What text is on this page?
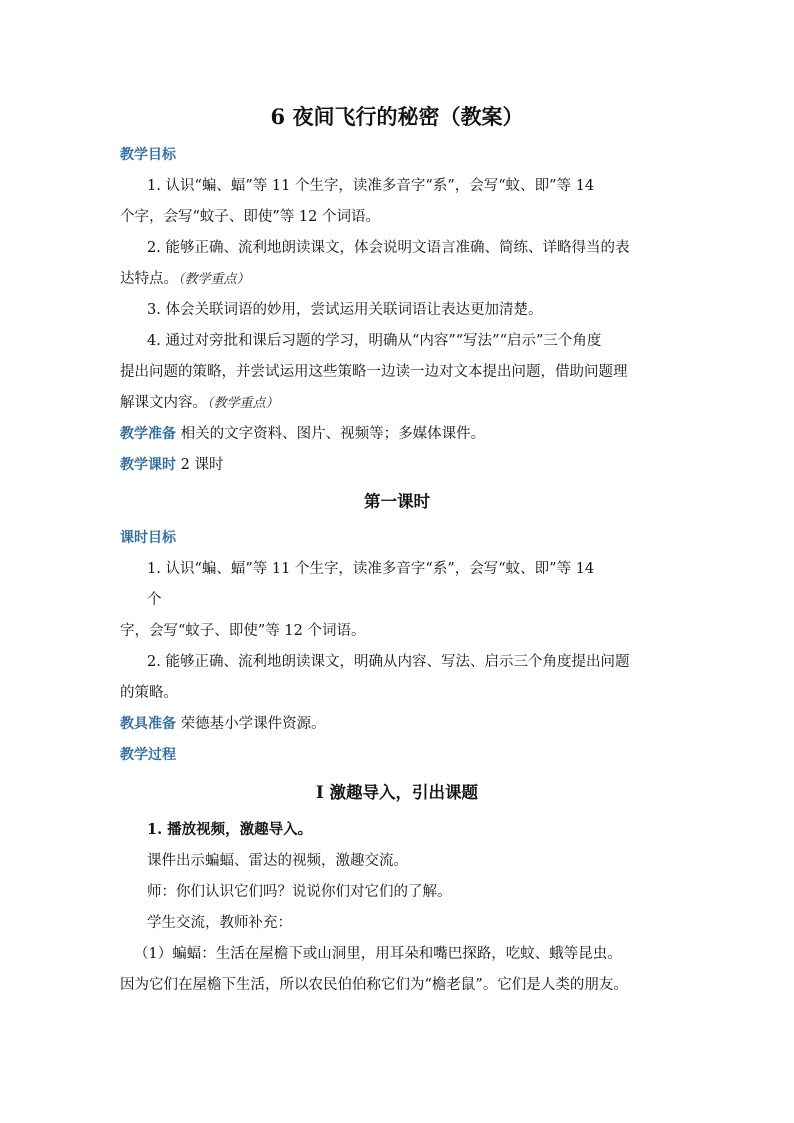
6 夜间飞行的秘密（教案）
教学目标
1. 认识“蝙、蝠”等 11 个生字，读准多音字“系”，会写“蚊、即”等 14
个字，会写“蚊子、即使”等 12 个词语。
2. 能够正确、流利地朗读课文，体会说明文语言准确、简练、详略得当的表
达特点。（教学重点）
3. 体会关联词语的妙用，尝试运用关联词语让表达更加清楚。
4. 通过对旁批和课后习题的学习，明确从“内容”“写法”“启示”三个角度
提出问题的策略，并尝试运用这些策略一边读一边对文本提出问题，借助问题理
解课文内容。（教学重点）
教学准备 相关的文字资料、图片、视频等；多媒体课件。
教学课时 2 课时
第一课时
课时目标
1. 认识“蝙、蝠”等 11 个生字，读准多音字“系”，会写“蚊、即”等 14
个
字，会写“蚊子、即使”等 12 个词语。
2. 能够正确、流利地朗读课文，明确从内容、写法、启示三个角度提出问题
的策略。
教具准备 荣德基小学课件资源。
教学过程
Ⅰ 激趣导入，引出课题
1. 播放视频，激趣导入。
课件出示蝙蝠、雷达的视频，激趣交流。
师：你们认识它们吗？说说你们对它们的了解。
学生交流，教师补充：
（1）蝙蝠：生活在屋檐下或山洞里，用耳朵和嘴巴探路，吃蚊、蛾等昆虫。
因为它们在屋檐下生活，所以农民伯伯称它们为“檐老鼠”。它们是人类的朋友。
